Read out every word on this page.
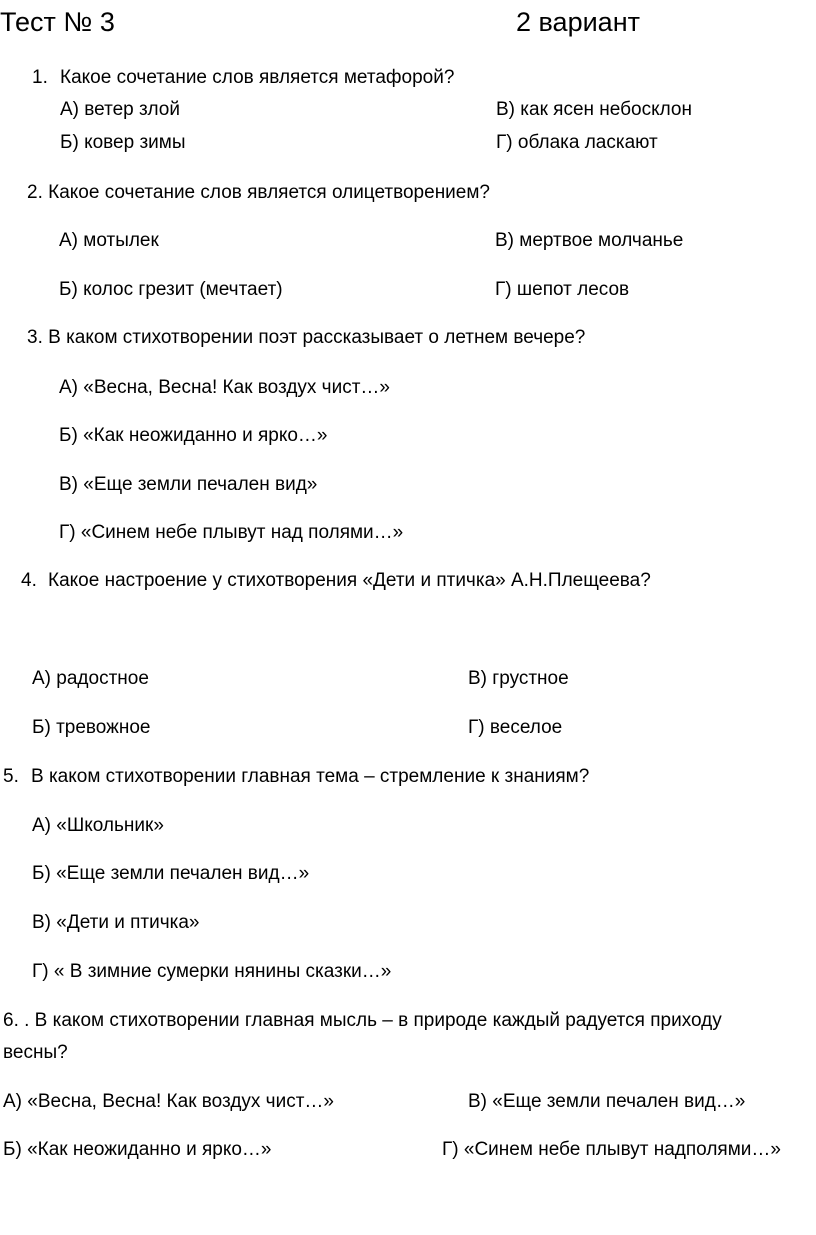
Тест № 3	2 вариант
1. Какое сочетание слов является метафорой?
А) ветер злой	В) как ясен небосклон
Б) ковер зимы	Г) облака ласкают
2. Какое сочетание слов является олицетворением?
А) мотылек	В) мертвое молчанье
Б) колос грезит (мечтает)	Г) шепот лесов
3. В каком стихотворении поэт рассказывает о летнем вечере?
А) «Весна, Весна! Как воздух чист…»
Б) «Как неожиданно и ярко…»
В) «Еще земли печален вид»
Г) «Синем небе плывут над полями…»
4. Какое настроение у стихотворения «Дети и птичка» А.Н.Плещеева?
А) радостное	В) грустное
Б) тревожное	Г) веселое
5. В каком стихотворении главная тема – стремление к знаниям?
А) «Школьник»
Б) «Еще земли печален вид…»
В) «Дети и птичка»
Г) « В зимние сумерки нянины сказки…»
6. . В каком стихотворении главная мысль – в природе каждый радуется приходу
весны?
А) «Весна, Весна! Как воздух чист…»	В) «Еще земли печален вид…»
Б) «Как неожиданно и ярко…»	Г) «Синем небе плывут надполями…»
